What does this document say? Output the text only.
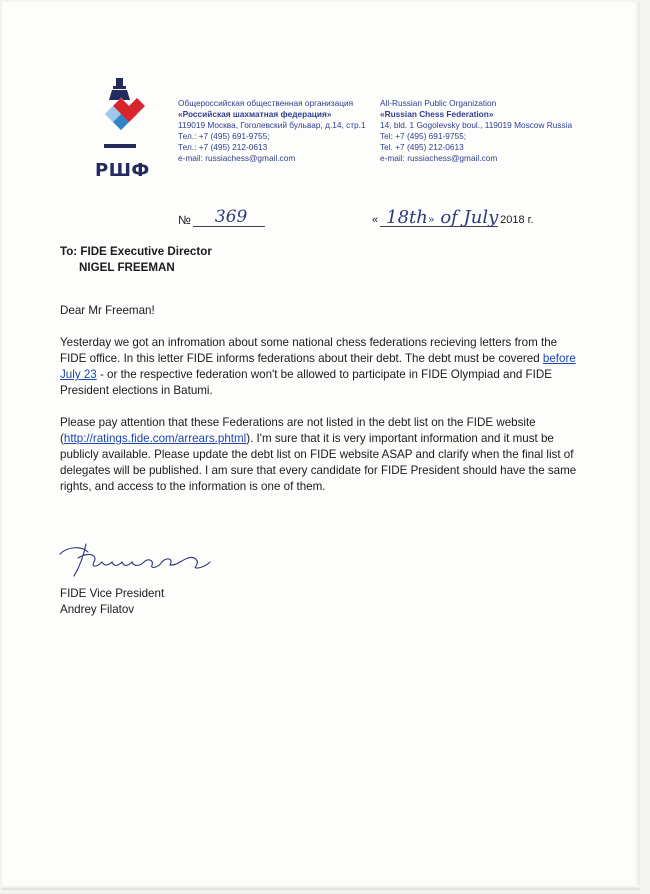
РШФ
Общероссийская общественная организация
«Российская шахматная федерация»
119019 Москва, Гоголевский бульвар, д.14, стр.1
Тел.: +7 (495) 691-9755;
Тел.: +7 (495) 212-0613
e-mail: russiachess@gmail.com
All-Russian Public Organization
«Russian Chess Federation»
14, bld. 1 Gogolevsky boul., 119019 Moscow Russia
Tel: +7 (495) 691-9755;
Tel. +7 (495) 212-0613
e-mail: russiachess@gmail.com
№ 369	« 18th» of July 2018 г.
To: FIDE Executive Director
NIGEL FREEMAN

Dear Mr Freeman!

Yesterday we got an infromation about some national chess federations recieving letters from the FIDE office. In this letter FIDE informs federations about their debt. The debt must be covered before July 23 - or the respective federation won't be allowed to participate in FIDE Olympiad and FIDE President elections in Batumi.

Please pay attention that these Federations are not listed in the debt list on the FIDE website (http://ratings.fide.com/arrears.phtml). I'm sure that it is very important information and it must be publicly available. Please update the debt list on FIDE website ASAP and clarify when the final list of delegates will be published. I am sure that every candidate for FIDE President should have the same rights, and access to the information is one of them.

FIDE Vice President
Andrey Filatov
